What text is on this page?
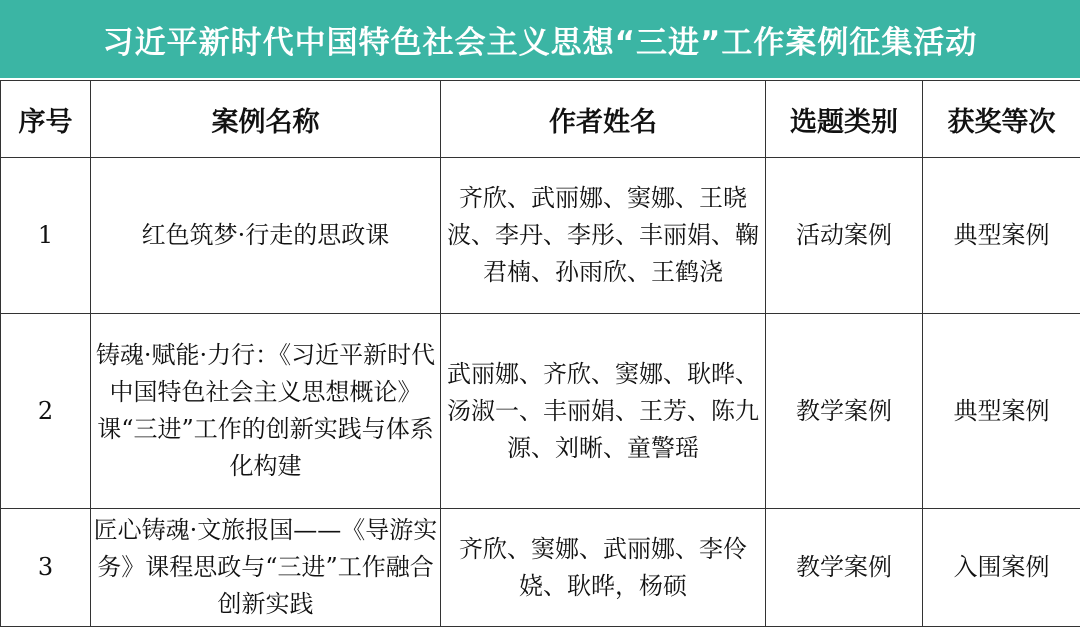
习近平新时代中国特色社会主义思想“三进”工作案例征集活动
序号	案例名称	作者姓名	选题类别	获奖等次
1	红色筑梦·行走的思政课	齐欣、武丽娜、窦娜、王晓波、李丹、李彤、丰丽娟、鞠君楠、孙雨欣、王鹤浇	活动案例	典型案例
2	铸魂·赋能·力行：《习近平新时代中国特色社会主义思想概论》课“三进”工作的创新实践与体系化构建	武丽娜、齐欣、窦娜、耿晔、汤淑一、丰丽娟、王芳、陈九源、刘晰、童警瑶	教学案例	典型案例
3	匠心铸魂·文旅报国——《导游实务》课程思政与“三进”工作融合创新实践	齐欣、窦娜、武丽娜、李伶娆、耿晔，杨硕	教学案例	入围案例
